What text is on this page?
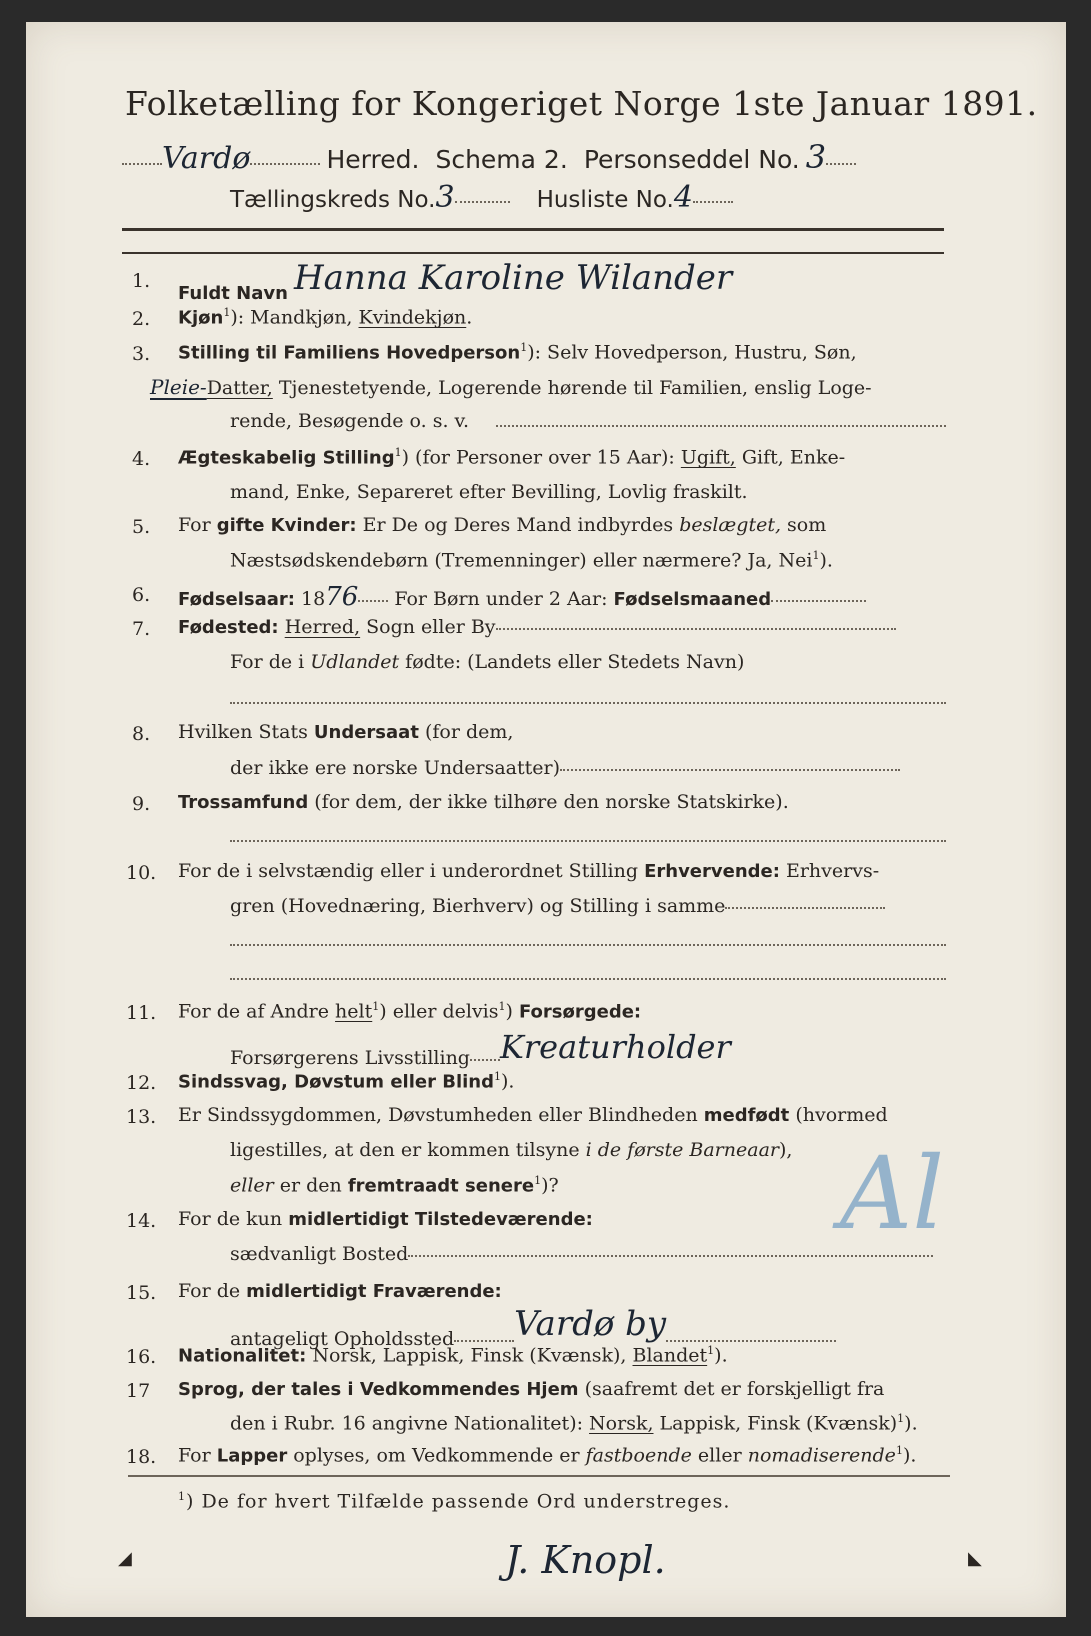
Folketælling for Kongeriget Norge 1ste Januar 1891.
Vardø	Herred. Schema 2. Personseddel No. 3
Tællingskreds No.3	Husliste No.4
1.
Fuldt Navn Hanna Karoline Wilander
2. Kjøn$^1$): Mandkjøn, Kvindekjøn.
3. Stilling til Familiens Hovedperson$^1$): Selv Hovedperson, Hustru, Søn,
Pleie-Datter, Tjenestetyende, Logerende hørende til Familien, enslig Loge-
rende, Besøgende o. s. v.
4. Ægteskabelig Stilling$^1$) (for Personer over 15 Aar): Ugift, Gift, Enke-
mand, Enke, Separeret efter Bevilling, Lovlig fraskilt.
5. For gifte Kvinder: Er De og Deres Mand indbyrdes beslægtet, som
Næstsødskendebørn (Tremenninger) eller nærmere? Ja, Nei$^1$).
6. Fødselsaar: 1876 For Børn under 2 Aar: Fødselsmaaned
7. Fødested: Herred, Sogn eller By
For de i Udlandet fødte: (Landets eller Stedets Navn)
8. Hvilken Stats Undersaat (for dem,
der ikke ere norske Undersaatter)
9. Trossamfund (for dem, der ikke tilhøre den norske Statskirke).
10. For de i selvstændig eller i underordnet Stilling Erhvervende: Erhvervs-
gren (Hovednæring, Bierhverv) og Stilling i samme
11. For de af Andre helt$^1$) eller delvis$^1$) Forsørgede:
Forsørgerens Livsstilling Kreaturholder
12. Sindssvag, Døvstum eller Blind$^1$).
13. Er Sindssygdommen, Døvstumheden eller Blindheden medfødt (hvormed
ligestilles, at den er kommen tilsyne i de første Barneaar),
eller er den fremtraadt senere$^1$)?
14. For de kun midlertidigt Tilstedeværende:
sædvanligt Bosted
15. For de midlertidigt Fraværende:
antageligt Opholdssted Vardø by
16. Nationalitet: Norsk, Lappisk, Finsk (Kvænsk), Blandet$^1$).
17 Sprog, der tales i Vedkommendes Hjem (saafremt det er forskjelligt fra
den i Rubr. 16 angivne Nationalitet): Norsk, Lappisk, Finsk (Kvænsk)$^1$).
18. For Lapper oplyses, om Vedkommende er fastboende eller nomadiserende$^1$).
$^1$) De for hvert Tilfælde passende Ord understreges.
Al
J. Knopl.
◢	◣
